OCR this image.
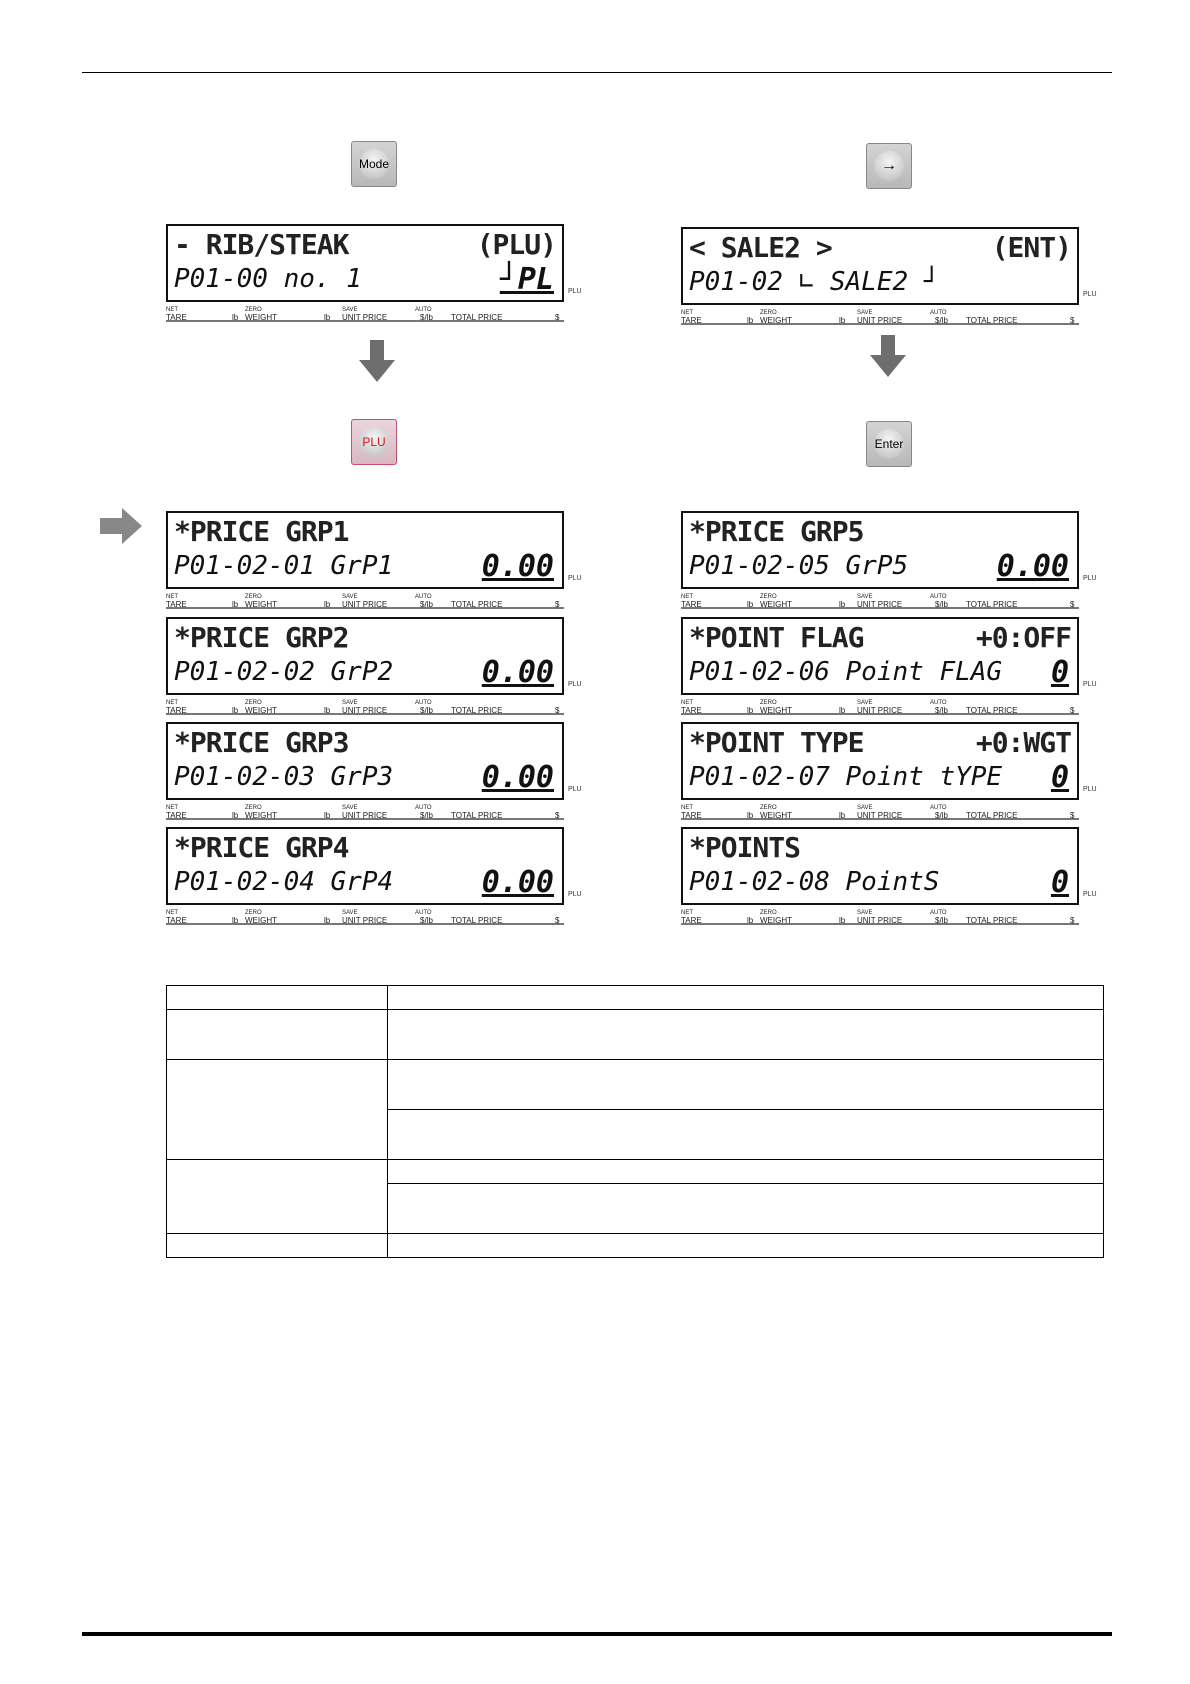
Mode	→
PLU	Enter
- RIB/STEAK	(PLU)
P01-00 no. 1	┘PL PLU
NET
TARE	lb
ZERO
WEIGHT	lb
SAVE
UNIT PRICE
AUTO
$/lb TOTAL PRICE	$
< SALE2 >	(ENT)
P01-02 ∟ SALE2 ┘	PLU
NET
TARE	lb
ZERO
WEIGHT	lb
SAVE
UNIT PRICE
AUTO
$/lb TOTAL PRICE	$
*PRICE GRP1
P01-02-01 GrP1	0.00 PLU
NET
TARE	lb
ZERO
WEIGHT	lb
SAVE
UNIT PRICE
AUTO
$/lb TOTAL PRICE	$
*PRICE GRP5
P01-02-05 GrP5	0.00 PLU
NET
TARE	lb
ZERO
WEIGHT	lb
SAVE
UNIT PRICE
AUTO
$/lb TOTAL PRICE	$
*PRICE GRP2
P01-02-02 GrP2	0.00 PLU
NET
TARE	lb
ZERO
WEIGHT	lb
SAVE
UNIT PRICE
AUTO
$/lb TOTAL PRICE	$
*POINT FLAG	+0:OFF
P01-02-06 Point FLAG 0 PLU
NET
TARE	lb
ZERO
WEIGHT	lb
SAVE
UNIT PRICE
AUTO
$/lb TOTAL PRICE	$
*PRICE GRP3
P01-02-03 GrP3	0.00 PLU
NET
TARE	lb
ZERO
WEIGHT	lb
SAVE
UNIT PRICE
AUTO
$/lb TOTAL PRICE	$
*POINT TYPE	+0:WGT
P01-02-07 Point tYPE 0 PLU
NET
TARE	lb
ZERO
WEIGHT	lb
SAVE
UNIT PRICE
AUTO
$/lb TOTAL PRICE	$
*PRICE GRP4
P01-02-04 GrP4	0.00 PLU
NET
TARE	lb
ZERO
WEIGHT	lb
SAVE
UNIT PRICE
AUTO
$/lb TOTAL PRICE	$
*POINTS
P01-02-08 PointS	0 PLU
NET
TARE	lb
ZERO
WEIGHT	lb
SAVE
UNIT PRICE
AUTO
$/lb TOTAL PRICE	$
